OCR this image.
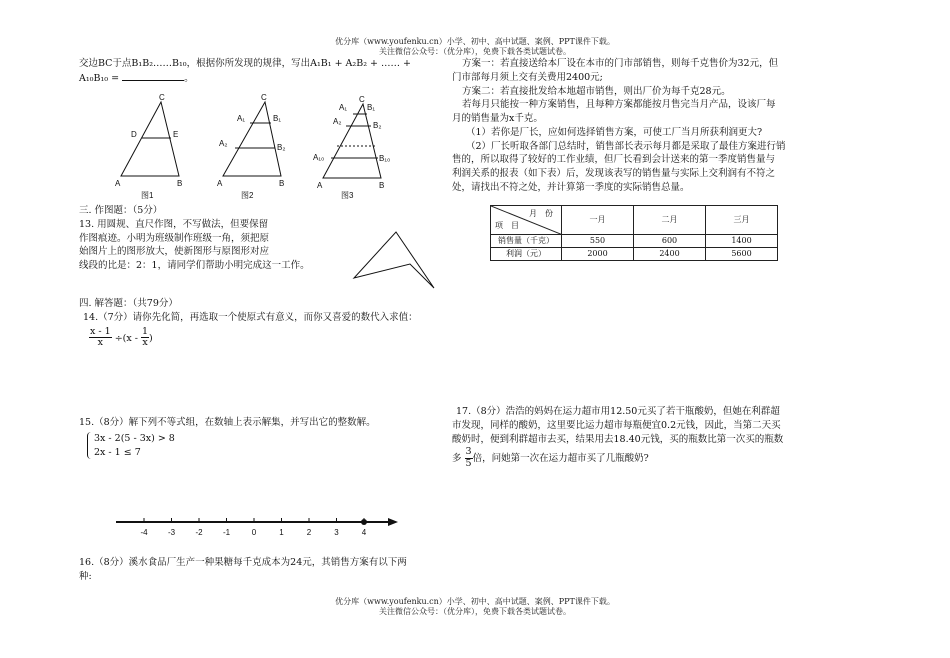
优分库（www.youfenku.cn）小学、初中、高中试题、案例、PPT课件下载。
关注微信公众号：（优分库），免费下载各类试题试卷。
交边BC于点B₁B₂……B₁₀，根据你所发现的规律，写出A₁B₁ + A₂B₂ + …… +
A₁₀B₁₀ =	。
C
D	E
A	B
图1
C
A₁	B₁
A₂	B₂
A	B
图2
A₁
C
B₁
A₂	B₂
A₁₀	B₁₀
A	B
图3
三. 作图题：（5分）
13. 用圆规、直尺作图，不写做法，但要保留
作图痕迹。小明为班级制作班级一角，须把原
始图片上的图形放大，使新图形与原图形对应
线段的比是：2：1，请同学们帮助小明完成这一工作。
四. 解答题：（共79分）
14.（7分）请你先化简，再选取一个使原式有意义，而你又喜爱的数代入求值：
$\frac{x - 1}{x} \div(x - \frac{1}{x}$ )
15.（8分）解下列不等式组，在数轴上表示解集，并写出它的整数解。
3x - 2(5 - 3x) > 8
2x - 1 ≤ 7
-4	-3	-2	-1	0	1	2	3	4
16.（8分）溪水食品厂生产一种果糖每千克成本为24元，其销售方案有以下两
种:
方案一：若直接送给本厂设在本市的门市部销售，则每千克售价为32元，但
门市部每月须上交有关费用2400元;
方案二：若直接批发给本地超市销售，则出厂价为每千克28元。
若每月只能按一种方案销售，且每种方案都能按月售完当月产品，设该厂每
月的销售量为x千克。
（1）若你是厂长，应如何选择销售方案，可使工厂当月所获利润更大?
（2）厂长听取各部门总结时，销售部长表示每月都是采取了最佳方案进行销
售的，所以取得了较好的工作业绩，但厂长看到会计送来的第一季度销售量与
利润关系的报表（如下表）后，发现该表写的销售量与实际上交利润有不符之
处，请找出不符之处，并计算第一季度的实际销售总量。
月　份
项　目	一月	二月	三月
销售量（千克）	550	600	1400
利润（元）	2000	2400	5600
17.（8分）浩浩的妈妈在运力超市用12.50元买了若干瓶酸奶，但她在利群超
市发现，同样的酸奶，这里要比运力超市每瓶便宜0.2元钱，因此，当第二天买
酸奶时，便到利群超市去买，结果用去18.40元钱，买的瓶数比第一次买的瓶数
多 $\frac{3}{5}$ 倍，问她第一次在运力超市买了几瓶酸奶?
优分库（www.youfenku.cn）小学、初中、高中试题、案例、PPT课件下载。
关注微信公众号：（优分库），免费下载各类试题试卷。
